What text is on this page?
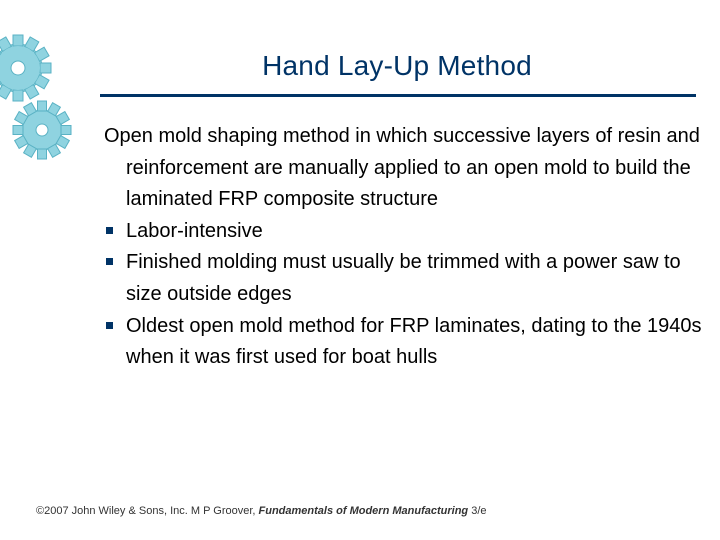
Hand Lay‑Up Method

Open mold shaping method in which successive layers of resin and reinforcement are manually applied to an open mold to build the laminated FRP composite structure

Labor‑intensive
Finished molding must usually be trimmed with a power saw to size outside edges
Oldest open mold method for FRP laminates, dating to the 1940s when it was first used for boat hulls
©2007 John Wiley & Sons, Inc. M P Groover, Fundamentals of Modern Manufacturing 3/e
